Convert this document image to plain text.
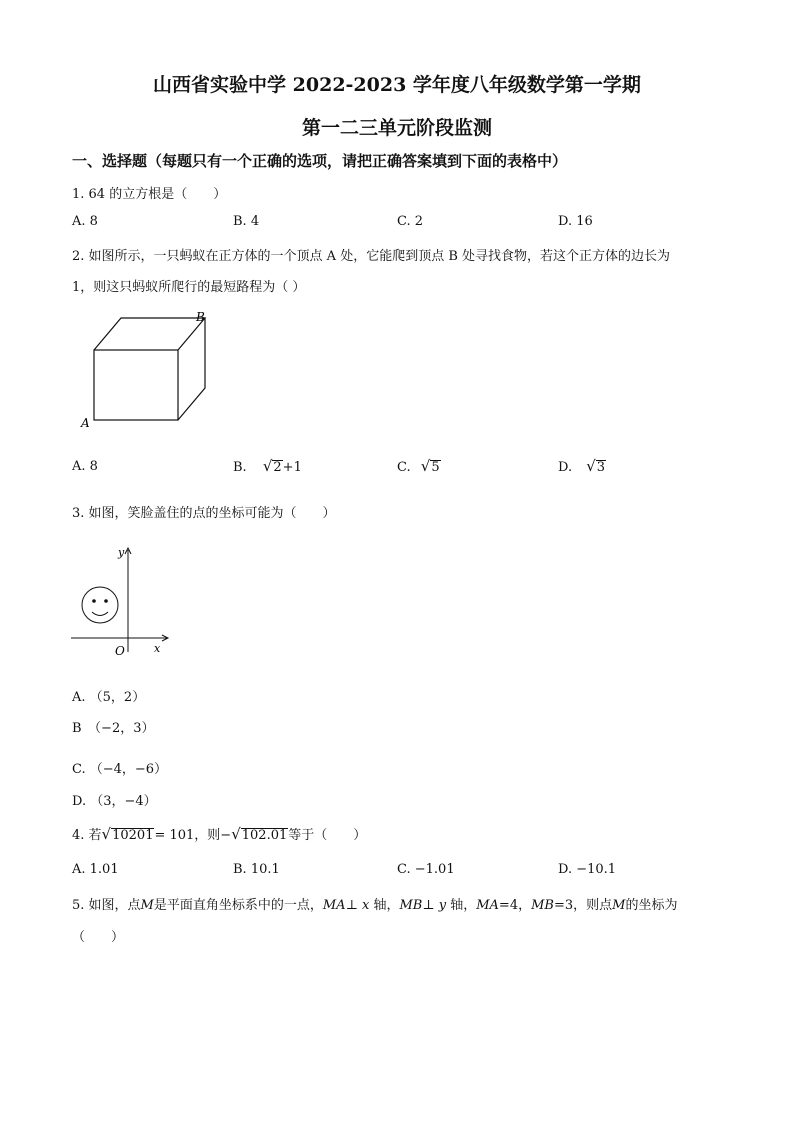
山西省实验中学 2022-2023 学年度八年级数学第一学期
第一二三单元阶段监测
一、选择题（每题只有一个正确的选项，请把正确答案填到下面的表格中）
1. 64 的立方根是（　　）
A. 8	B. 4	C. 2	D. 16
2. 如图所示，一只蚂蚁在正方体的一个顶点 A 处，它能爬到顶点 B 处寻找食物，若这个正方体的边长为
1，则这只蚂蚁所爬行的最短路程为（ ）
B
A
A. 8	B. √2+1	C. √5	D. √3
3. 如图，笑脸盖住的点的坐标可能为（　　）
y
x
O
A. （5，2）
B　（−2，3）
C. （−4，−6）
D. （3，−4）
4. 若√10201= 101，则−√102.01等于（　　）
A. 1.01	B. 10.1	C. −1.01	D. −10.1
5. 如图，点M是平面直角坐标系中的一点，MA⊥ x 轴，MB⊥ y 轴，MA=4，MB=3，则点M的坐标为
（　　）
